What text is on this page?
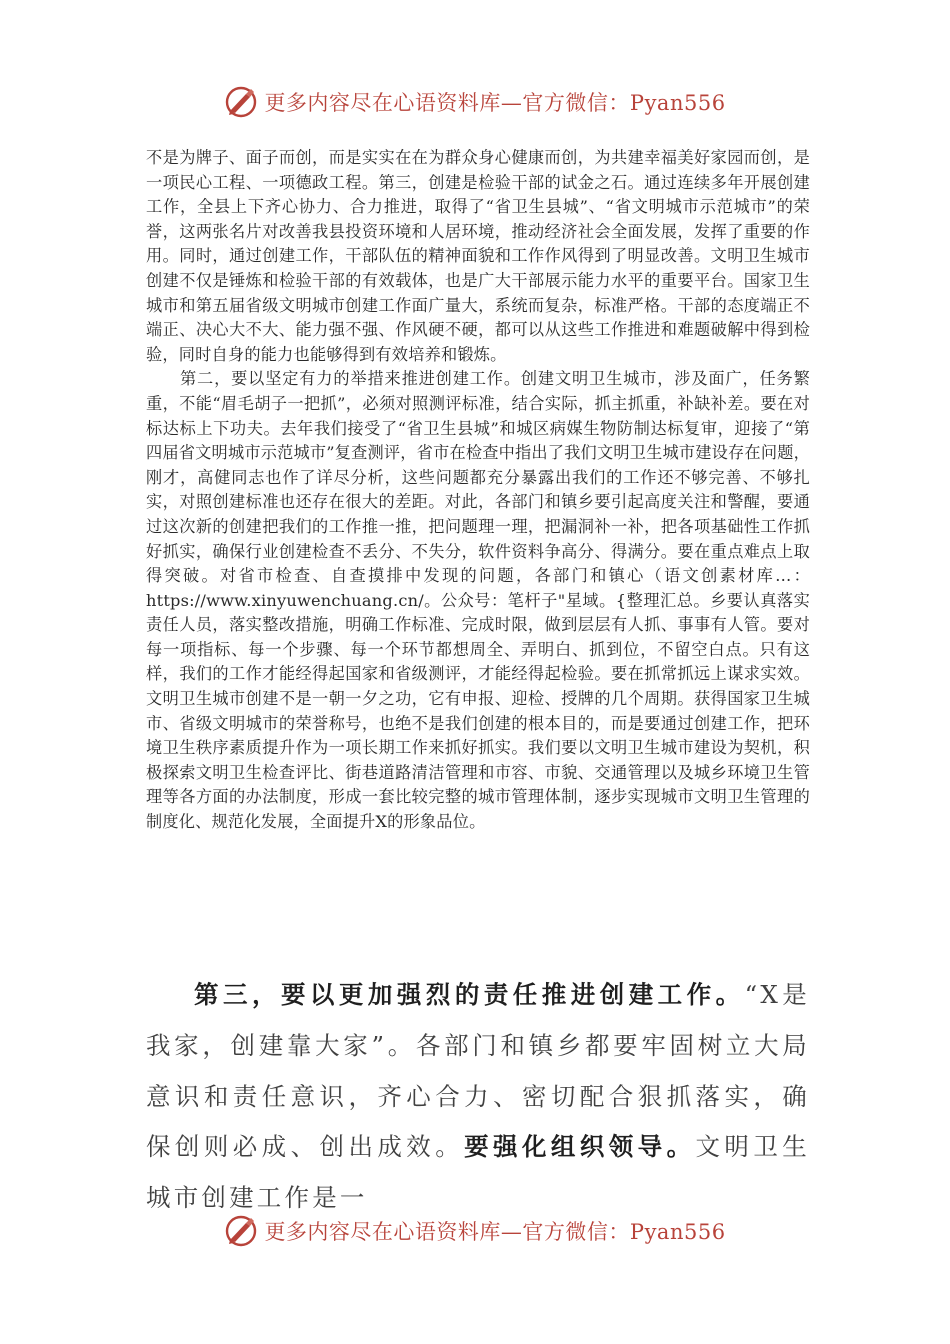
更多内容尽在心语资料库—官方微信：Pyan556

不是为牌子、面子而创，而是实实在在为群众身心健康而创，为共建幸福美好家园而创，是一项民心工程、一项德政工程。第三，创建是检验干部的试金之石。通过连续多年开展创建工作，全县上下齐心协力、合力推进，取得了“省卫生县城”、“省文明城市示范城市”的荣誉，这两张名片对改善我县投资环境和人居环境，推动经济社会全面发展，发挥了重要的作用。同时，通过创建工作，干部队伍的精神面貌和工作作风得到了明显改善。文明卫生城市创建不仅是锤炼和检验干部的有效载体，也是广大干部展示能力水平的重要平台。国家卫生城市和第五届省级文明城市创建工作面广量大，系统而复杂，标准严格。干部的态度端正不端正、决心大不大、能力强不强、作风硬不硬，都可以从这些工作推进和难题破解中得到检验，同时自身的能力也能够得到有效培养和锻炼。

第二，要以坚定有力的举措来推进创建工作。创建文明卫生城市，涉及面广，任务繁重，不能“眉毛胡子一把抓”，必须对照测评标准，结合实际，抓主抓重，补缺补差。要在对标达标上下功夫。去年我们接受了“省卫生县城”和城区病媒生物防制达标复审，迎接了“第四届省文明城市示范城市”复查测评，省市在检查中指出了我们文明卫生城市建设存在问题，刚才，高健同志也作了详尽分析，这些问题都充分暴露出我们的工作还不够完善、不够扎实，对照创建标准也还存在很大的差距。对此，各部门和镇乡要引起高度关注和警醒，要通过这次新的创建把我们的工作推一推，把问题理一理，把漏洞补一补，把各项基础性工作抓好抓实，确保行业创建检查不丢分、不失分，软件资料争高分、得满分。要在重点难点上取得突破。对省市检查、自查摸排中发现的问题，各部门和镇心（语文创素材库…：https://www.xinyuwenchuang.cn/。公众号：笔杆子"星域。{整理汇总。乡要认真落实责任人员，落实整改措施，明确工作标准、完成时限，做到层层有人抓、事事有人管。要对每一项指标、每一个步骤、每一个环节都想周全、弄明白、抓到位，不留空白点。只有这样，我们的工作才能经得起国家和省级测评，才能经得起检验。要在抓常抓远上谋求实效。文明卫生城市创建不是一朝一夕之功，它有申报、迎检、授牌的几个周期。获得国家卫生城市、省级文明城市的荣誉称号，也绝不是我们创建的根本目的，而是要通过创建工作，把环境卫生秩序素质提升作为一项长期工作来抓好抓实。我们要以文明卫生城市建设为契机，积极探索文明卫生检查评比、街巷道路清洁管理和市容、市貌、交通管理以及城乡环境卫生管理等各方面的办法制度，形成一套比较完整的城市管理体制，逐步实现城市文明卫生管理的制度化、规范化发展，全面提升X的形象品位。

第三，要以更加强烈的责任推进创建工作。“X是我家，创建靠大家”。各部门和镇乡都要牢固树立大局意识和责任意识，齐心合力、密切配合狠抓落实，确保创则必成、创出成效。要强化组织领导。文明卫生城市创建工作是一

更多内容尽在心语资料库—官方微信：Pyan556
